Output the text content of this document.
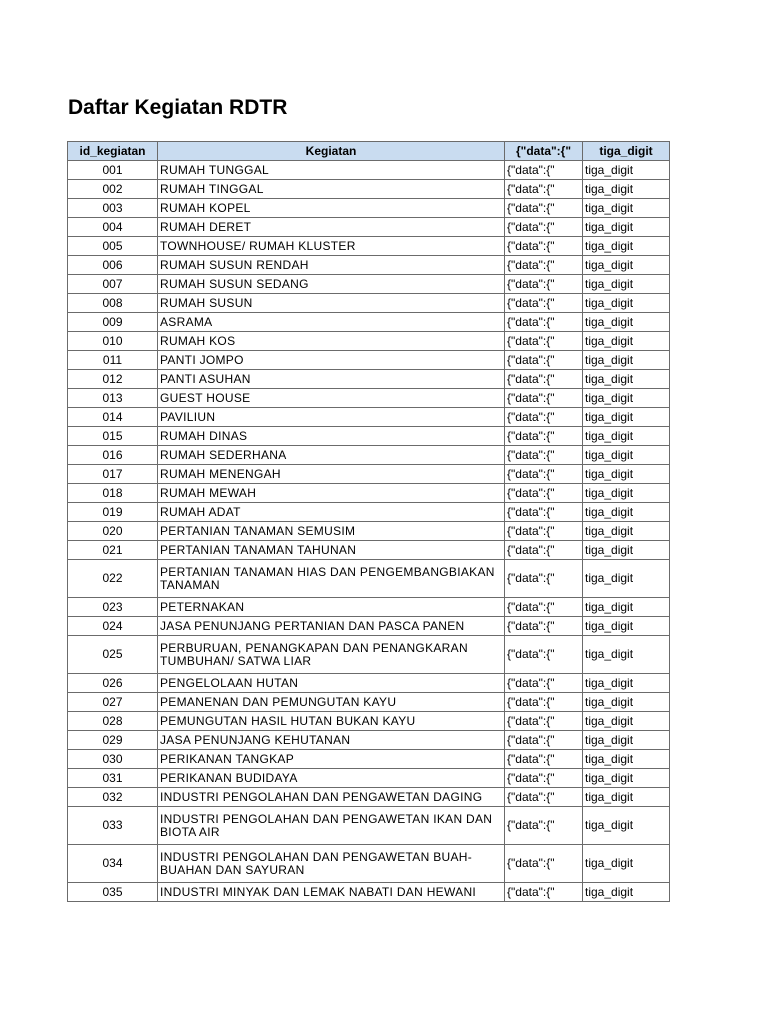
Daftar Kegiatan RDTR
id_kegiatan	Kegiatan	{"data":{"	tiga_digit
001	RUMAH TUNGGAL	{"data":{"	tiga_digit
002	RUMAH TINGGAL	{"data":{"	tiga_digit
003	RUMAH KOPEL	{"data":{"	tiga_digit
004	RUMAH DERET	{"data":{"	tiga_digit
005	TOWNHOUSE/ RUMAH KLUSTER	{"data":{"	tiga_digit
006	RUMAH SUSUN RENDAH	{"data":{"	tiga_digit
007	RUMAH SUSUN SEDANG	{"data":{"	tiga_digit
008	RUMAH SUSUN	{"data":{"	tiga_digit
009	ASRAMA	{"data":{"	tiga_digit
010	RUMAH KOS	{"data":{"	tiga_digit
011	PANTI JOMPO	{"data":{"	tiga_digit
012	PANTI ASUHAN	{"data":{"	tiga_digit
013	GUEST HOUSE	{"data":{"	tiga_digit
014	PAVILIUN	{"data":{"	tiga_digit
015	RUMAH DINAS	{"data":{"	tiga_digit
016	RUMAH SEDERHANA	{"data":{"	tiga_digit
017	RUMAH MENENGAH	{"data":{"	tiga_digit
018	RUMAH MEWAH	{"data":{"	tiga_digit
019	RUMAH ADAT	{"data":{"	tiga_digit
020	PERTANIAN TANAMAN SEMUSIM	{"data":{"	tiga_digit
021	PERTANIAN TANAMAN TAHUNAN	{"data":{"	tiga_digit
022	PERTANIAN TANAMAN HIAS DAN PENGEMBANGBIAKAN TANAMAN	{"data":{"	tiga_digit
023	PETERNAKAN	{"data":{"	tiga_digit
024	JASA PENUNJANG PERTANIAN DAN PASCA PANEN	{"data":{"	tiga_digit
025	PERBURUAN, PENANGKAPAN DAN PENANGKARAN TUMBUHAN/ SATWA LIAR	{"data":{"	tiga_digit
026	PENGELOLAAN HUTAN	{"data":{"	tiga_digit
027	PEMANENAN DAN PEMUNGUTAN KAYU	{"data":{"	tiga_digit
028	PEMUNGUTAN HASIL HUTAN BUKAN KAYU	{"data":{"	tiga_digit
029	JASA PENUNJANG KEHUTANAN	{"data":{"	tiga_digit
030	PERIKANAN TANGKAP	{"data":{"	tiga_digit
031	PERIKANAN BUDIDAYA	{"data":{"	tiga_digit
032	INDUSTRI PENGOLAHAN DAN PENGAWETAN DAGING	{"data":{"	tiga_digit
033	INDUSTRI PENGOLAHAN DAN PENGAWETAN IKAN DAN BIOTA AIR	{"data":{"	tiga_digit
034	INDUSTRI PENGOLAHAN DAN PENGAWETAN BUAH-BUAHAN DAN SAYURAN	{"data":{"	tiga_digit
035	INDUSTRI MINYAK DAN LEMAK NABATI DAN HEWANI	{"data":{"	tiga_digit
